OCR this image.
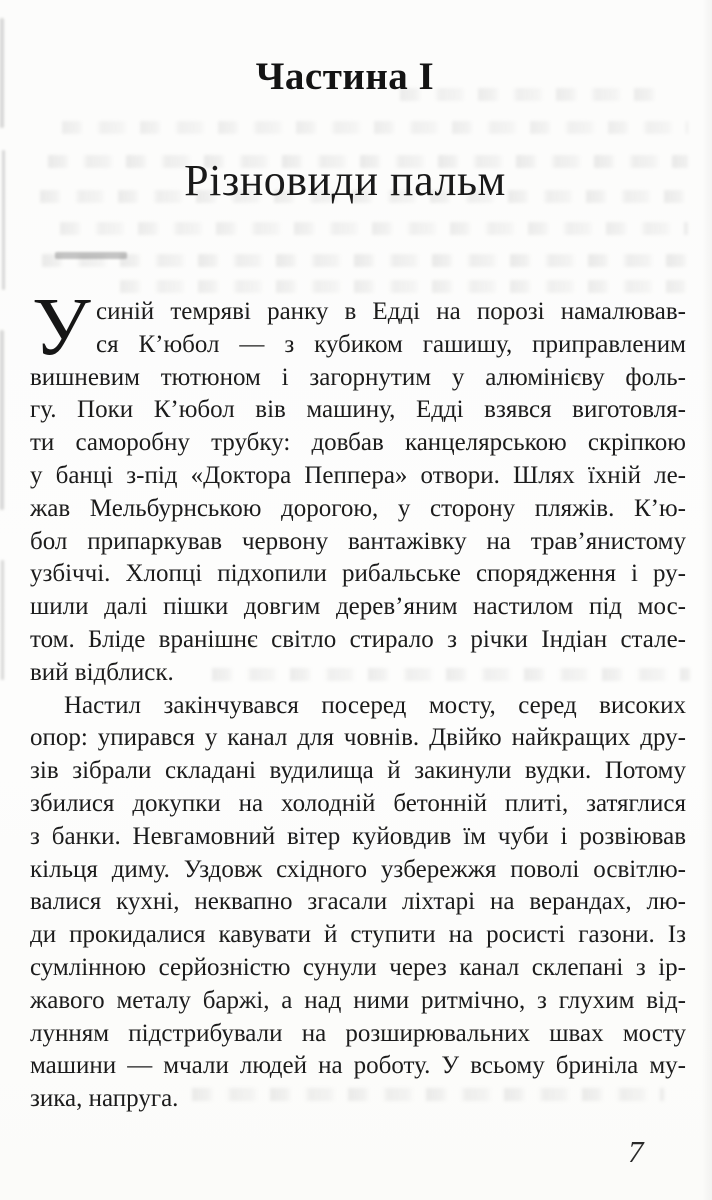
Частина I
Різновиди пальм
У синій темряві ранку в Едді на порозі намалював-
ся К’юбол — з кубиком гашишу, приправленим
вишневим тютюном і загорнутим у алюмінієву фоль-
гу. Поки К’юбол вів машину, Едді взявся виготовля-
ти саморобну трубку: довбав канцелярською скріпкою
у банці з-під «Доктора Пеппера» отвори. Шлях їхній ле-
жав Мельбурнською дорогою, у сторону пляжів. К’ю-
бол припаркував червону вантажівку на трав’янистому
узбіччі. Хлопці підхопили рибальське спорядження і ру-
шили далі пішки довгим дерев’яним настилом під мос-
том. Бліде вранішнє світло стирало з річки Індіан стале-
вий відблиск.
Настил закінчувався посеред мосту, серед високих
опор: упирався у канал для човнів. Двійко найкращих дру-
зів зібрали складані вудилища й закинули вудки. Потому
збилися докупки на холодній бетонній плиті, затяглися
з банки. Невгамовний вітер куйовдив їм чуби і розвіював
кільця диму. Уздовж східного узбережжя поволі освітлю-
валися кухні, неквапно згасали ліхтарі на верандах, лю-
ди прокидалися кавувати й ступити на росисті газони. Із
сумлінною серйозністю сунули через канал склепані з ір-
жавого металу баржі, а над ними ритмічно, з глухим від-
лунням підстрибували на розширювальних швах мосту
машини — мчали людей на роботу. У всьому бриніла му-
зика, напруга.
7
